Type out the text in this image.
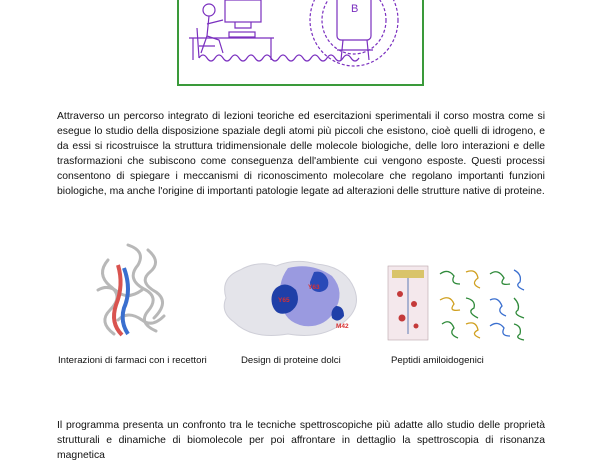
B

Attraverso un percorso integrato di lezioni teoriche ed esercitazioni sperimentali il corso mostra come si esegue lo studio della disposizione spaziale degli atomi più piccoli che esistono, cioè quelli di idrogeno, e da essi si ricostruisce la struttura tridimensionale delle molecole biologiche, delle loro interazioni e delle trasformazioni che subiscono come conseguenza dell'ambiente cui vengono esposte. Questi processi consentono di spiegare i meccanismi di riconoscimento molecolare che regolano importanti funzioni biologiche, ma anche l'origine di importanti patologie legate ad alterazioni delle strutture native di proteine.

Interazioni di farmaci con i recettori
Y65
Y63
M42
Design di proteine dolci	Peptidi amiloidogenici

Il programma presenta un confronto tra le tecniche spettroscopiche più adatte allo studio delle proprietà strutturali e dinamiche di biomolecole per poi affrontare in dettaglio la spettroscopia di risonanza magnetica
